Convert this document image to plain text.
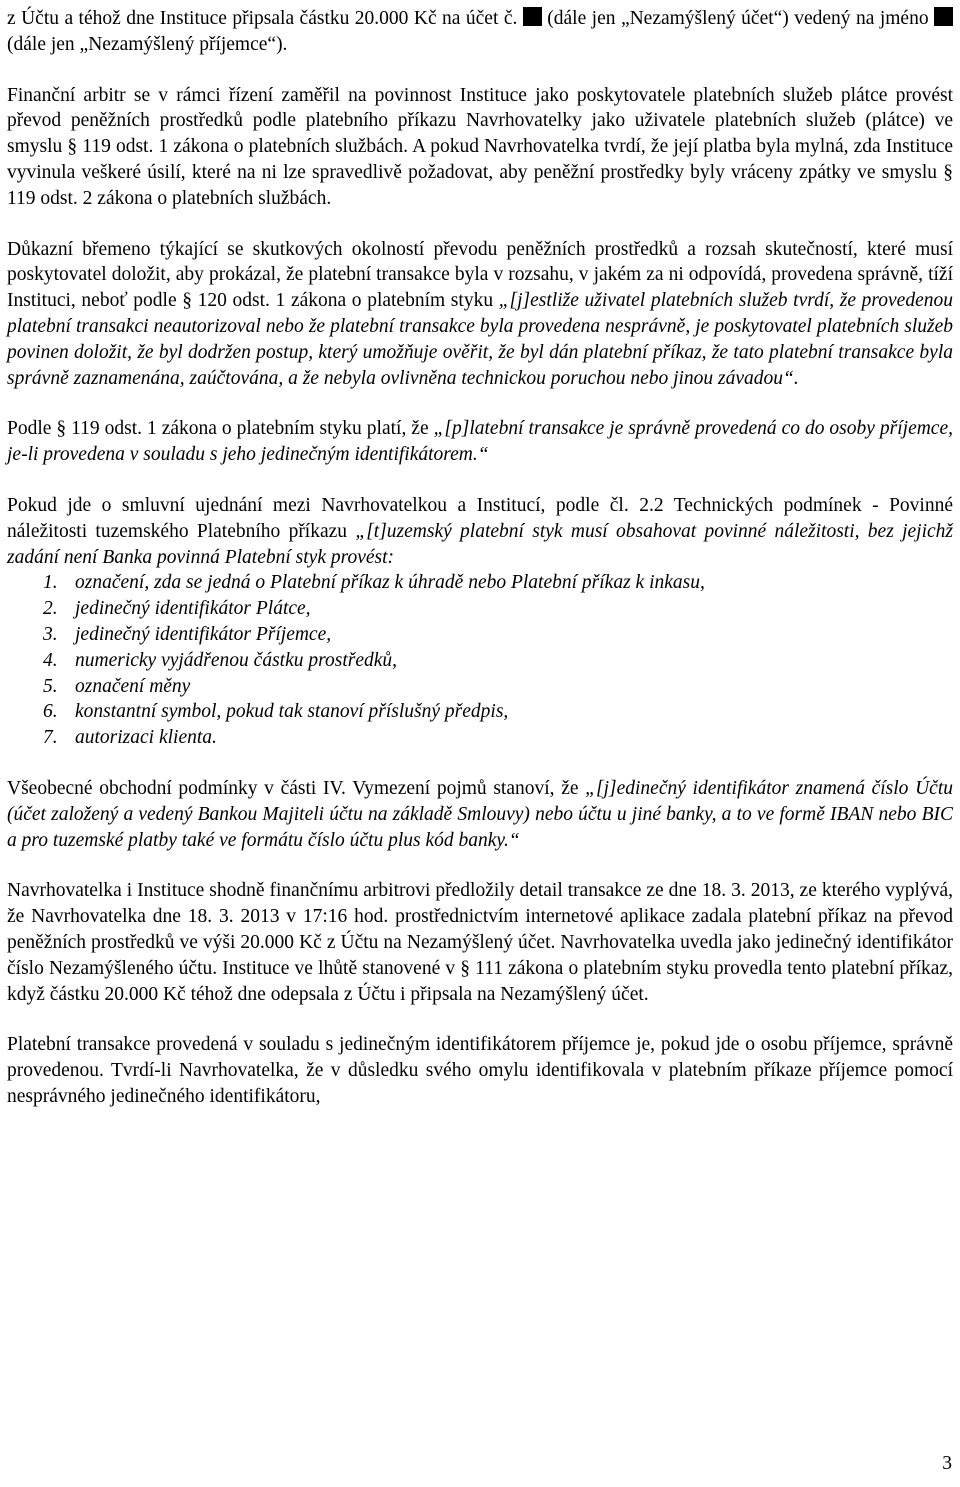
z Účtu a téhož dne Instituce připsala částku 20.000 Kč na účet č. (dále jen „Nezamýšlený účet“) vedený na jméno  (dále jen „Nezamýšlený příjemce“).

Finanční arbitr se v rámci řízení zaměřil na povinnost Instituce jako poskytovatele platebních služeb plátce provést převod peněžních prostředků podle platebního příkazu Navrhovatelky jako uživatele platebních služeb (plátce) ve smyslu § 119 odst. 1 zákona o platebních službách. A pokud Navrhovatelka tvrdí, že její platba byla mylná, zda Instituce vyvinula veškeré úsilí, které na ni lze spravedlivě požadovat, aby peněžní prostředky byly vráceny zpátky ve smyslu § 119 odst. 2 zákona o platebních službách.

Důkazní břemeno týkající se skutkových okolností převodu peněžních prostředků a rozsah skutečností, které musí poskytovatel doložit, aby prokázal, že platební transakce byla v rozsahu, v jakém za ni odpovídá, provedena správně, tíží Instituci, neboť podle § 120 odst. 1 zákona o platebním styku „[j]estliže uživatel platebních služeb tvrdí, že provedenou platební transakci neautorizoval nebo že platební transakce byla provedena nesprávně, je poskytovatel platebních služeb povinen doložit, že byl dodržen postup, který umožňuje ověřit, že byl dán platební příkaz, že tato platební transakce byla správně zaznamenána, zaúčtována, a že nebyla ovlivněna technickou poruchou nebo jinou závadou“.

Podle § 119 odst. 1 zákona o platebním styku platí, že „[p]latební transakce je správně provedená co do osoby příjemce, je-li provedena v souladu s jeho jedinečným identifikátorem.“

Pokud jde o smluvní ujednání mezi Navrhovatelkou a Institucí, podle čl. 2.2 Technických podmínek - Povinné náležitosti tuzemského Platebního příkazu „[t]uzemský platební styk musí obsahovat povinné náležitosti, bez jejichž zadání není Banka povinná Platební styk provést:

1. označení, zda se jedná o Platební příkaz k úhradě nebo Platební příkaz k inkasu,
2. jedinečný identifikátor Plátce,
3. jedinečný identifikátor Příjemce,
4. numericky vyjádřenou částku prostředků,
5. označení měny
6. konstantní symbol, pokud tak stanoví příslušný předpis,
7. autorizaci klienta.

Všeobecné obchodní podmínky v části IV. Vymezení pojmů stanoví, že „[j]edinečný identifikátor znamená číslo Účtu (účet založený a vedený Bankou Majiteli účtu na základě Smlouvy) nebo účtu u jiné banky, a to ve formě IBAN nebo BIC a pro tuzemské platby také ve formátu číslo účtu plus kód banky.“

Navrhovatelka i Instituce shodně finančnímu arbitrovi předložily detail transakce ze dne 18. 3. 2013, ze kterého vyplývá, že Navrhovatelka dne 18. 3. 2013 v 17:16 hod. prostřednictvím internetové aplikace zadala platební příkaz na převod peněžních prostředků ve výši 20.000 Kč z Účtu na Nezamýšlený účet. Navrhovatelka uvedla jako jedinečný identifikátor číslo Nezamýšleného účtu. Instituce ve lhůtě stanovené v § 111 zákona o platebním styku provedla tento platební příkaz, když částku 20.000 Kč téhož dne odepsala z Účtu i připsala na Nezamýšlený účet.

Platební transakce provedená v souladu s jedinečným identifikátorem příjemce je, pokud jde o osobu příjemce, správně provedenou. Tvrdí-li Navrhovatelka, že v důsledku svého omylu identifikovala v platebním příkaze příjemce pomocí nesprávného jedinečného identifikátoru,

3
